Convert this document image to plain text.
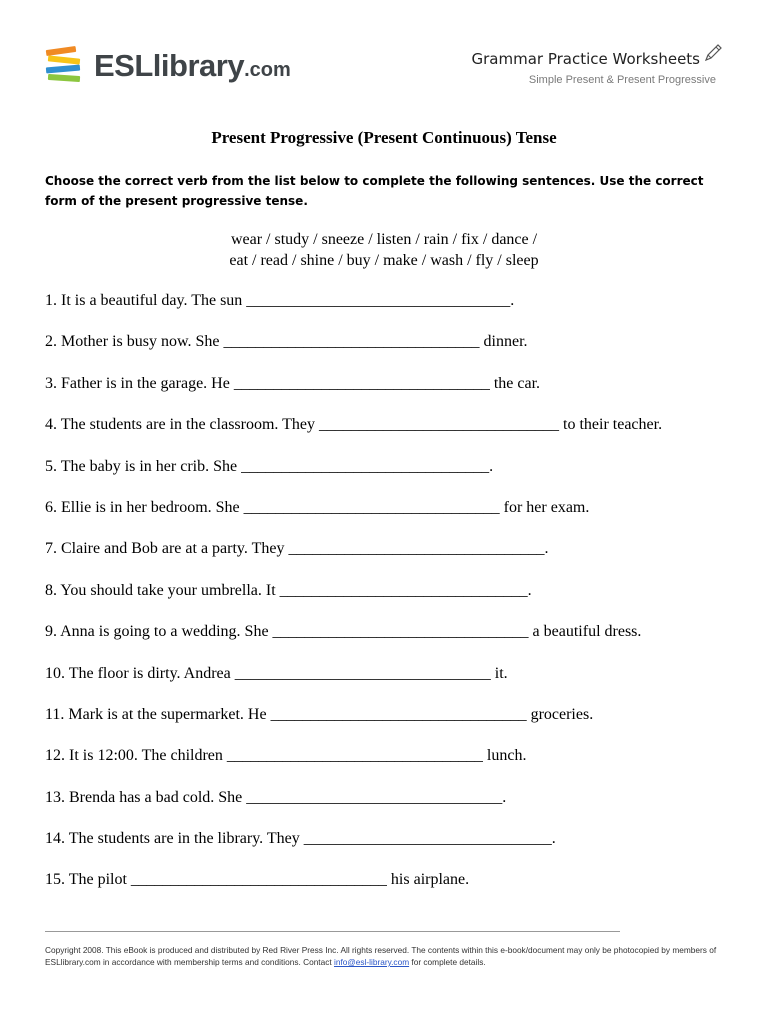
ESLlibrary.com	Grammar Practice Worksheets
Simple Present & Present Progressive
Present Progressive (Present Continuous) Tense
Choose the correct verb from the list below to complete the following sentences. Use the correct form of the present progressive tense.
wear / study / sneeze / listen / rain / fix / dance /
eat / read / shine / buy / make / wash / fly / sleep
1. It is a beautiful day. The sun _________________________________.
2. Mother is busy now. She ________________________________ dinner.
3. Father is in the garage. He ________________________________ the car.
4. The students are in the classroom. They ______________________________ to their teacher.
5. The baby is in her crib. She _______________________________.
6. Ellie is in her bedroom. She ________________________________ for her exam.
7. Claire and Bob are at a party. They ________________________________.
8. You should take your umbrella. It _______________________________.
9. Anna is going to a wedding. She ________________________________ a beautiful dress.
10. The floor is dirty. Andrea ________________________________ it.
11. Mark is at the supermarket. He ________________________________ groceries.
12. It is 12:00. The children ________________________________ lunch.
13. Brenda has a bad cold. She ________________________________.
14. The students are in the library. They _______________________________.
15. The pilot ________________________________ his airplane.
Copyright 2008. This eBook is produced and distributed by Red River Press Inc. All rights reserved. The contents within this e-book/document may only be photocopied by members of ESLlibrary.com in accordance with membership terms and conditions. Contact info@esl-library.com for complete details.
